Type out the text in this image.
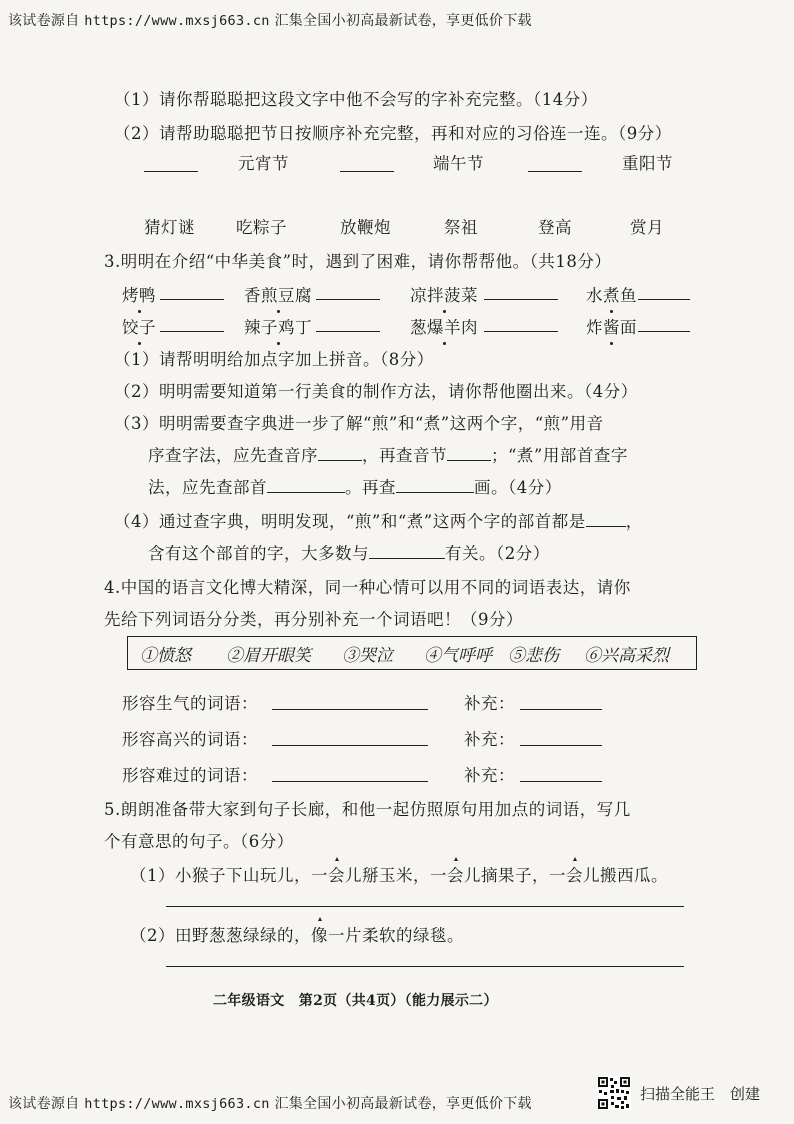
该试卷源自 https://www.mxsj663.cn 汇集全国小初高最新试卷，享更低价下载
（1）请你帮聪聪把这段文字中他不会写的字补充完整。（14分）
（2）请帮助聪聪把节日按顺序补充完整，再和对应的习俗连一连。（9分）
元宵节	端午节	重阳节
猜灯谜 吃粽子	放鞭炮	祭祖	登高	赏月
3.明明在介绍“中华美食”时，遇到了困难，请你帮帮他。（共18分）
烤鸭	香煎豆腐	凉拌菠菜	水煮鱼
饺子	辣子鸡丁	葱爆羊肉	炸酱面
（1）请帮明明给加点字加上拼音。（8分）
（2）明明需要知道第一行美食的制作方法，请你帮他圈出来。（4分）
（3）明明需要查字典进一步了解“煎”和“煮”这两个字，“煎”用音
序查字法，应先查音序	，再查音节	；“煮”用部首查字
法，应先查部首	。再查	画。（4分）
（4）通过查字典，明明发现，“煎”和“煮”这两个字的部首都是 ，
含有这个部首的字，大多数与	有关。（2分）
4.中国的语言文化博大精深，同一种心情可以用不同的词语表达，请你
先给下列词语分分类，再分别补充一个词语吧！（9分）
①愤怒 ②眉开眼笑 ③哭泣 ④气呼呼 ⑤悲伤 ⑥兴高采烈
形容生气的词语：	补充：
形容高兴的词语：	补充：
形容难过的词语：	补充：
5.朗朗准备带大家到句子长廊，和他一起仿照原句用加点的词语，写几
个有意思的句子。（6分）
（1）小猴子下山玩儿，一会儿掰玉米，一会儿摘果子，一会儿搬西瓜。
（2）田野葱葱绿绿的，像一片柔软的绿毯。
二年级语文　第2页（共4页）（能力展示二）
该试卷源自 https://www.mxsj663.cn 汇集全国小初高最新试卷，享更低价下载
扫描全能王　创建
